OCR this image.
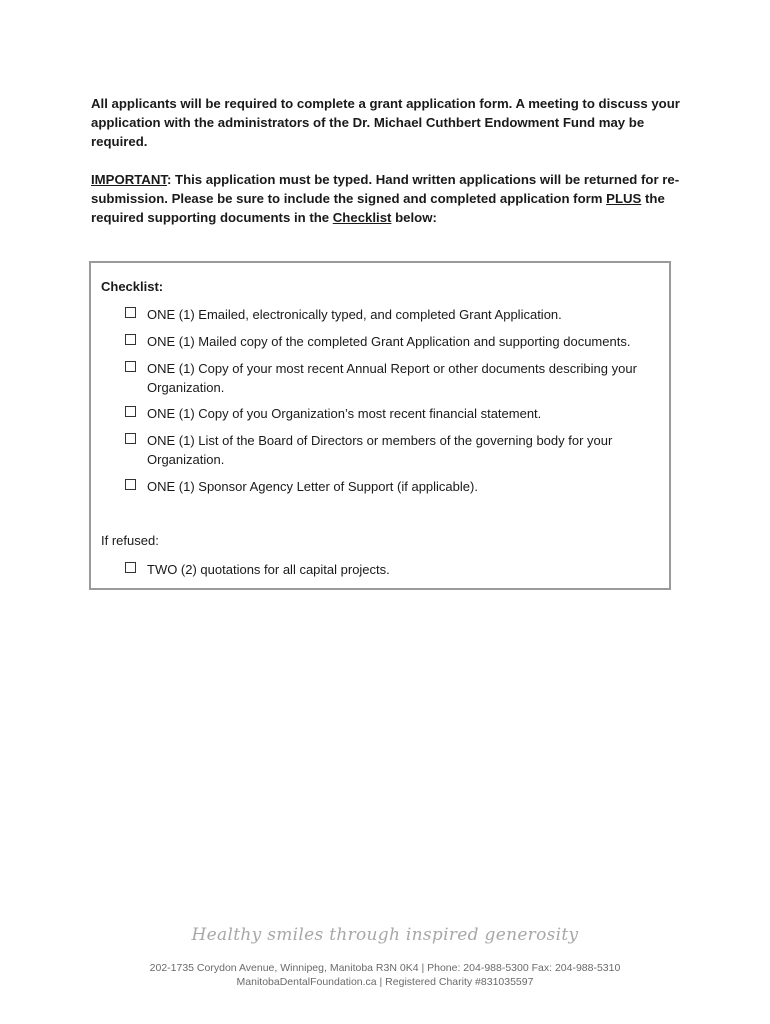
All applicants will be required to complete a grant application form. A meeting to discuss your application with the administrators of the Dr. Michael Cuthbert Endowment Fund may be required.

IMPORTANT: This application must be typed. Hand written applications will be returned for re-submission. Please be sure to include the signed and completed application form PLUS the required supporting documents in the Checklist below:

Checklist:
ONE (1) Emailed, electronically typed, and completed Grant Application.
ONE (1) Mailed copy of the completed Grant Application and supporting documents.
ONE (1) Copy of your most recent Annual Report or other documents describing your Organization.
ONE (1) Copy of you Organization’s most recent financial statement.
ONE (1) List of the Board of Directors or members of the governing body for your Organization.
ONE (1) Sponsor Agency Letter of Support (if applicable).
If refused:
TWO (2) quotations for all capital projects.
Healthy smiles through inspired generosity
202-1735 Corydon Avenue, Winnipeg, Manitoba R3N 0K4 | Phone: 204-988-5300 Fax: 204-988-5310
ManitobaDentalFoundation.ca | Registered Charity #831035597
